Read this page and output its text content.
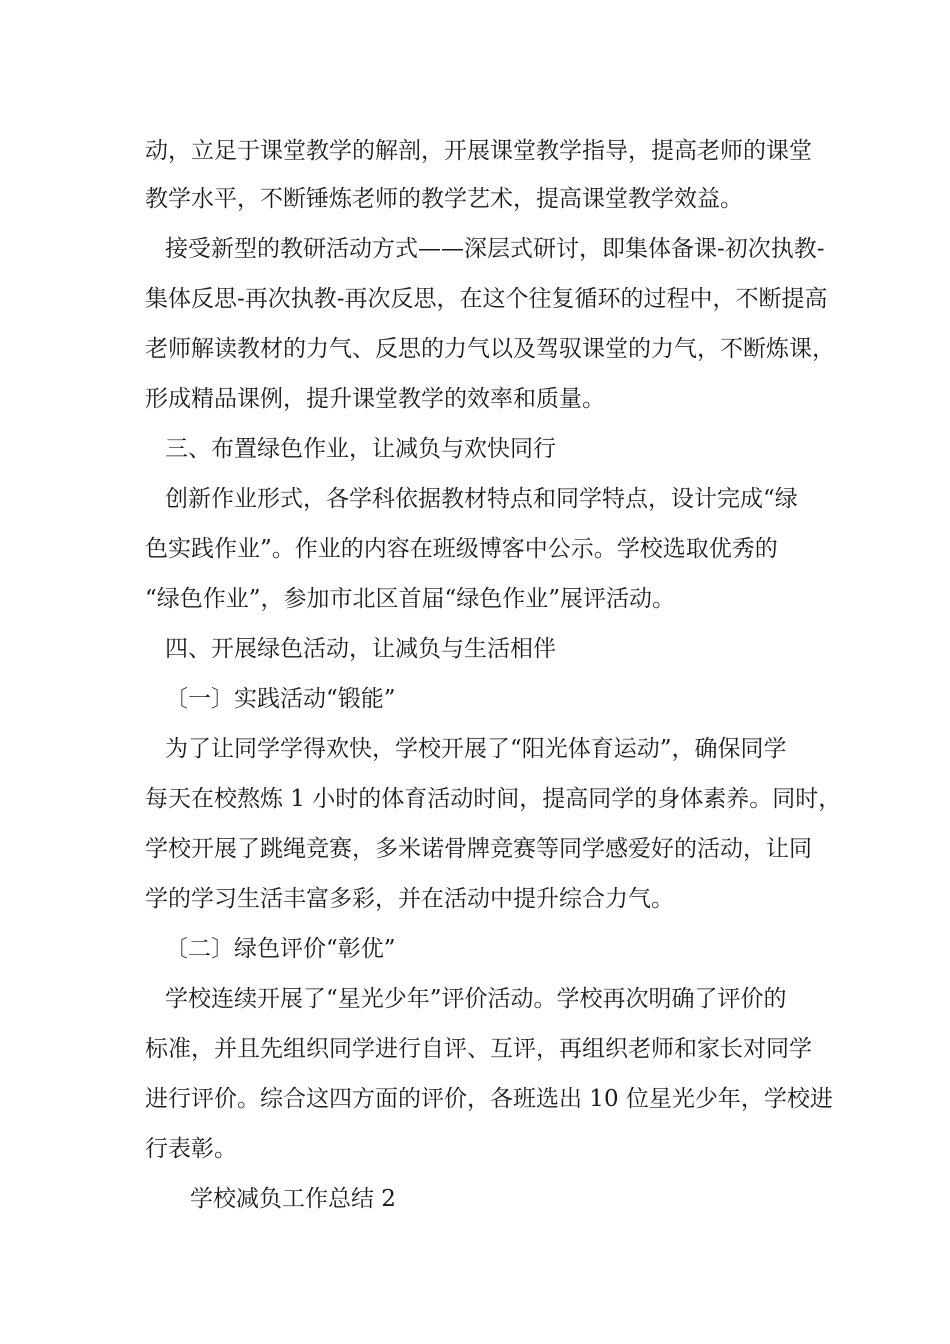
动，立足于课堂教学的解剖，开展课堂教学指导，提高老师的课堂
教学水平，不断锤炼老师的教学艺术，提高课堂教学效益。
接受新型的教研活动方式——深层式研讨，即集体备课-初次执教-
集体反思-再次执教-再次反思，在这个往复循环的过程中，不断提高
老师解读教材的力气、反思的力气以及驾驭课堂的力气，不断炼课，
形成精品课例，提升课堂教学的效率和质量。
三、布置绿色作业，让减负与欢快同行
创新作业形式，各学科依据教材特点和同学特点，设计完成“绿
色实践作业”。作业的内容在班级博客中公示。学校选取优秀的
“绿色作业”，参加市北区首届“绿色作业”展评活动。
四、开展绿色活动，让减负与生活相伴
〔一〕实践活动“锻能”
为了让同学学得欢快，学校开展了“阳光体育运动”，确保同学
每天在校熬炼 1 小时的体育活动时间，提高同学的身体素养。同时，
学校开展了跳绳竞赛，多米诺骨牌竞赛等同学感爱好的活动，让同
学的学习生活丰富多彩，并在活动中提升综合力气。
〔二〕绿色评价“彰优”
学校连续开展了“星光少年”评价活动。学校再次明确了评价的
标准，并且先组织同学进行自评、互评，再组织老师和家长对同学
进行评价。综合这四方面的评价，各班选出 10 位星光少年，学校进
行表彰。
学校减负工作总结 2
